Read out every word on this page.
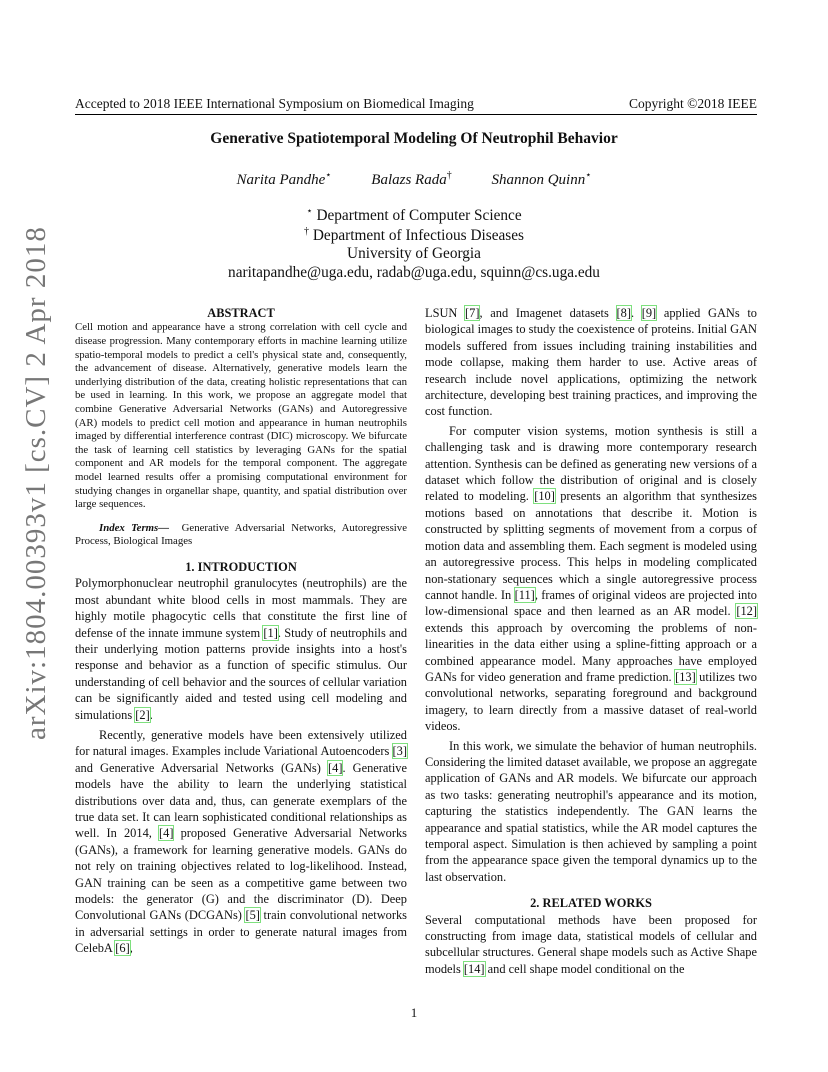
Accepted to 2018 IEEE International Symposium on Biomedical Imaging	Copyright ©2018 IEEE
Generative Spatiotemporal Modeling Of Neutrophil Behavior
Narita Pandhe⋆	Balazs Rada†	Shannon Quinn⋆
⋆ Department of Computer Science
† Department of Infectious Diseases
University of Georgia
naritapandhe@uga.edu, radab@uga.edu, squinn@cs.uga.edu
arXiv:1804.00393v1 [cs.CV] 2 Apr 2018	ABSTRACT

Cell motion and appearance have a strong correlation with cell cycle and disease progression. Many contemporary efforts in machine learning utilize spatio-temporal models to predict a cell's physical state and, consequently, the advancement of disease. Alternatively, generative models learn the underlying distribution of the data, creating holistic representations that can be used in learning. In this work, we propose an aggregate model that combine Generative Adversarial Networks (GANs) and Autoregressive (AR) models to predict cell motion and appearance in human neutrophils imaged by differential interference contrast (DIC) microscopy. We bifurcate the task of learning cell statistics by leveraging GANs for the spatial component and AR models for the temporal component. The aggregate model learned results offer a promising computational environment for studying changes in organellar shape, quantity, and spatial distribution over large sequences.

Index Terms— Generative Adversarial Networks, Autoregressive Process, Biological Images

1. INTRODUCTION

Polymorphonuclear neutrophil granulocytes (neutrophils) are the most abundant white blood cells in most mammals. They are highly motile phagocytic cells that constitute the first line of defense of the innate immune system [1]. Study of neutrophils and their underlying motion patterns provide insights into a host's response and behavior as a function of specific stimulus. Our understanding of cell behavior and the sources of cellular variation can be significantly aided and tested using cell modeling and simulations [2].

Recently, generative models have been extensively utilized for natural images. Examples include Variational Autoencoders [3] and Generative Adversarial Networks (GANs) [4]. Generative models have the ability to learn the underlying statistical distributions over data and, thus, can generate exemplars of the true data set. It can learn sophisticated conditional relationships as well. In 2014, [4] proposed Generative Adversarial Networks (GANs), a framework for learning generative models. GANs do not rely on training objectives related to log-likelihood. Instead, GAN training can be seen as a competitive game between two models: the generator (G) and the discriminator (D). Deep Convolutional GANs (DCGANs) [5] train convolutional networks in adversarial settings in order to generate natural images from CelebA [6],

LSUN [7], and Imagenet datasets [8]. [9] applied GANs to biological images to study the coexistence of proteins. Initial GAN models suffered from issues including training instabilities and mode collapse, making them harder to use. Active areas of research include novel applications, optimizing the network architecture, developing best training practices, and improving the cost function.

For computer vision systems, motion synthesis is still a challenging task and is drawing more contemporary research attention. Synthesis can be defined as generating new versions of a dataset which follow the distribution of original and is closely related to modeling. [10] presents an algorithm that synthesizes motions based on annotations that describe it. Motion is constructed by splitting segments of movement from a corpus of motion data and assembling them. Each segment is modeled using an autoregressive process. This helps in modeling complicated non-stationary sequences which a single autoregressive process cannot handle. In [11], frames of original videos are projected into low-dimensional space and then learned as an AR model. [12] extends this approach by overcoming the problems of non-linearities in the data either using a spline-fitting approach or a combined appearance model. Many approaches have employed GANs for video generation and frame prediction. [13] utilizes two convolutional networks, separating foreground and background imagery, to learn directly from a massive dataset of real-world videos.

In this work, we simulate the behavior of human neutrophils. Considering the limited dataset available, we propose an aggregate application of GANs and AR models. We bifurcate our approach as two tasks: generating neutrophil's appearance and its motion, capturing the statistics independently. The GAN learns the appearance and spatial statistics, while the AR model captures the temporal aspect. Simulation is then achieved by sampling a point from the appearance space given the temporal dynamics up to the last observation.

2. RELATED WORKS

Several computational methods have been proposed for constructing from image data, statistical models of cellular and subcellular structures. General shape models such as Active Shape models [14] and cell shape model conditional on the

1
